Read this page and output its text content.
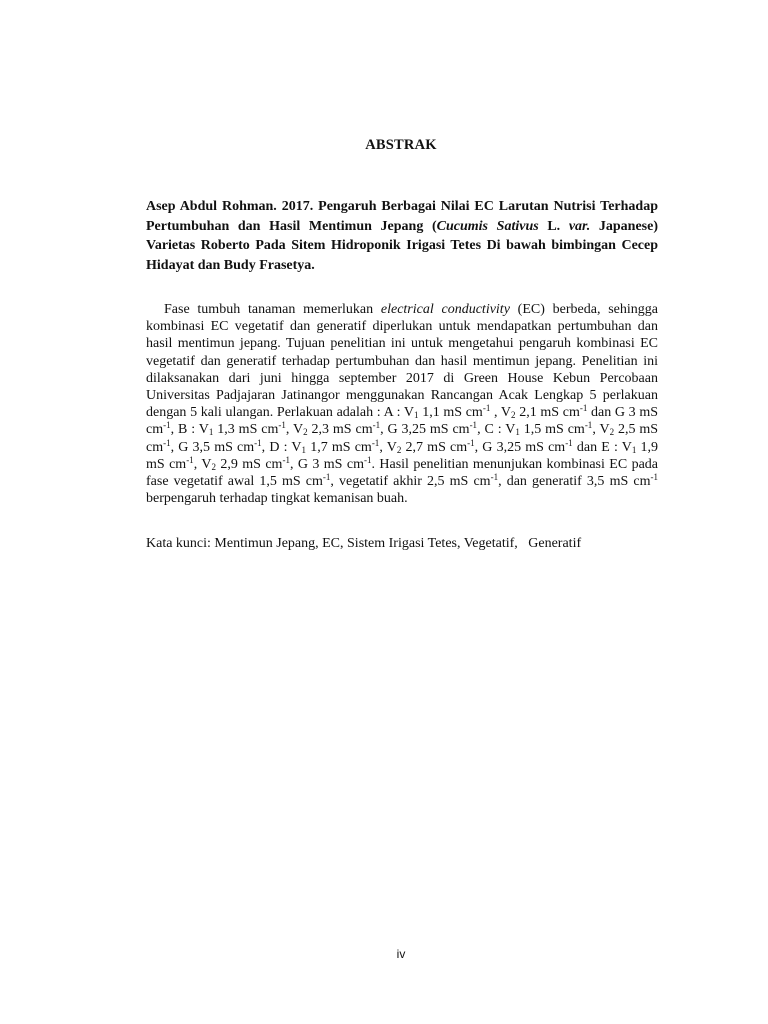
ABSTRAK
Asep Abdul Rohman. 2017. Pengaruh Berbagai Nilai EC Larutan Nutrisi Terhadap Pertumbuhan dan Hasil Mentimun Jepang (Cucumis Sativus L. var. Japanese) Varietas Roberto Pada Sitem Hidroponik Irigasi Tetes Di bawah bimbingan Cecep Hidayat dan Budy Frasetya.
Fase tumbuh tanaman memerlukan electrical conductivity (EC) berbeda, sehingga kombinasi EC vegetatif dan generatif diperlukan untuk mendapatkan pertumbuhan dan hasil mentimun jepang. Tujuan penelitian ini untuk mengetahui pengaruh kombinasi EC vegetatif dan generatif terhadap pertumbuhan dan hasil mentimun jepang. Penelitian ini dilaksanakan dari juni hingga september 2017 di Green House Kebun Percobaan Universitas Padjajaran Jatinangor menggunakan Rancangan Acak Lengkap 5 perlakuan dengan 5 kali ulangan. Perlakuan adalah : A : $V_1$ 1,1 mS $cm^{-1}$ , $V_2$ 2,1 mS $cm^{-1}$ dan G 3 mS $cm^{-1}$, B : $V_1$ 1,3 mS $cm^{-1}$, $V_2$ 2,3 mS $cm^{-1}$, G 3,25 mS $cm^{-1}$, C : $V_1$ 1,5 mS $cm^{-1}$, $V_2$ 2,5 mS $cm^{-1}$, G 3,5 mS $cm^{-1}$, D : $V_1$ 1,7 mS $cm^{-1}$, $V_2$ 2,7 mS $cm^{-1}$, G 3,25 mS $cm^{-1}$ dan E : $V_1$ 1,9 mS $cm^{-1}$, $V_2$ 2,9 mS $cm^{-1}$, G 3 mS $cm^{-1}$. Hasil penelitian menunjukan kombinasi EC pada fase vegetatif awal 1,5 mS $cm^{-1}$, vegetatif akhir 2,5 mS $cm^{-1}$, dan generatif 3,5 mS $cm^{-1}$ berpengaruh terhadap tingkat kemanisan buah.
Kata kunci: Mentimun Jepang, EC, Sistem Irigasi Tetes, Vegetatif,   Generatif
iv
